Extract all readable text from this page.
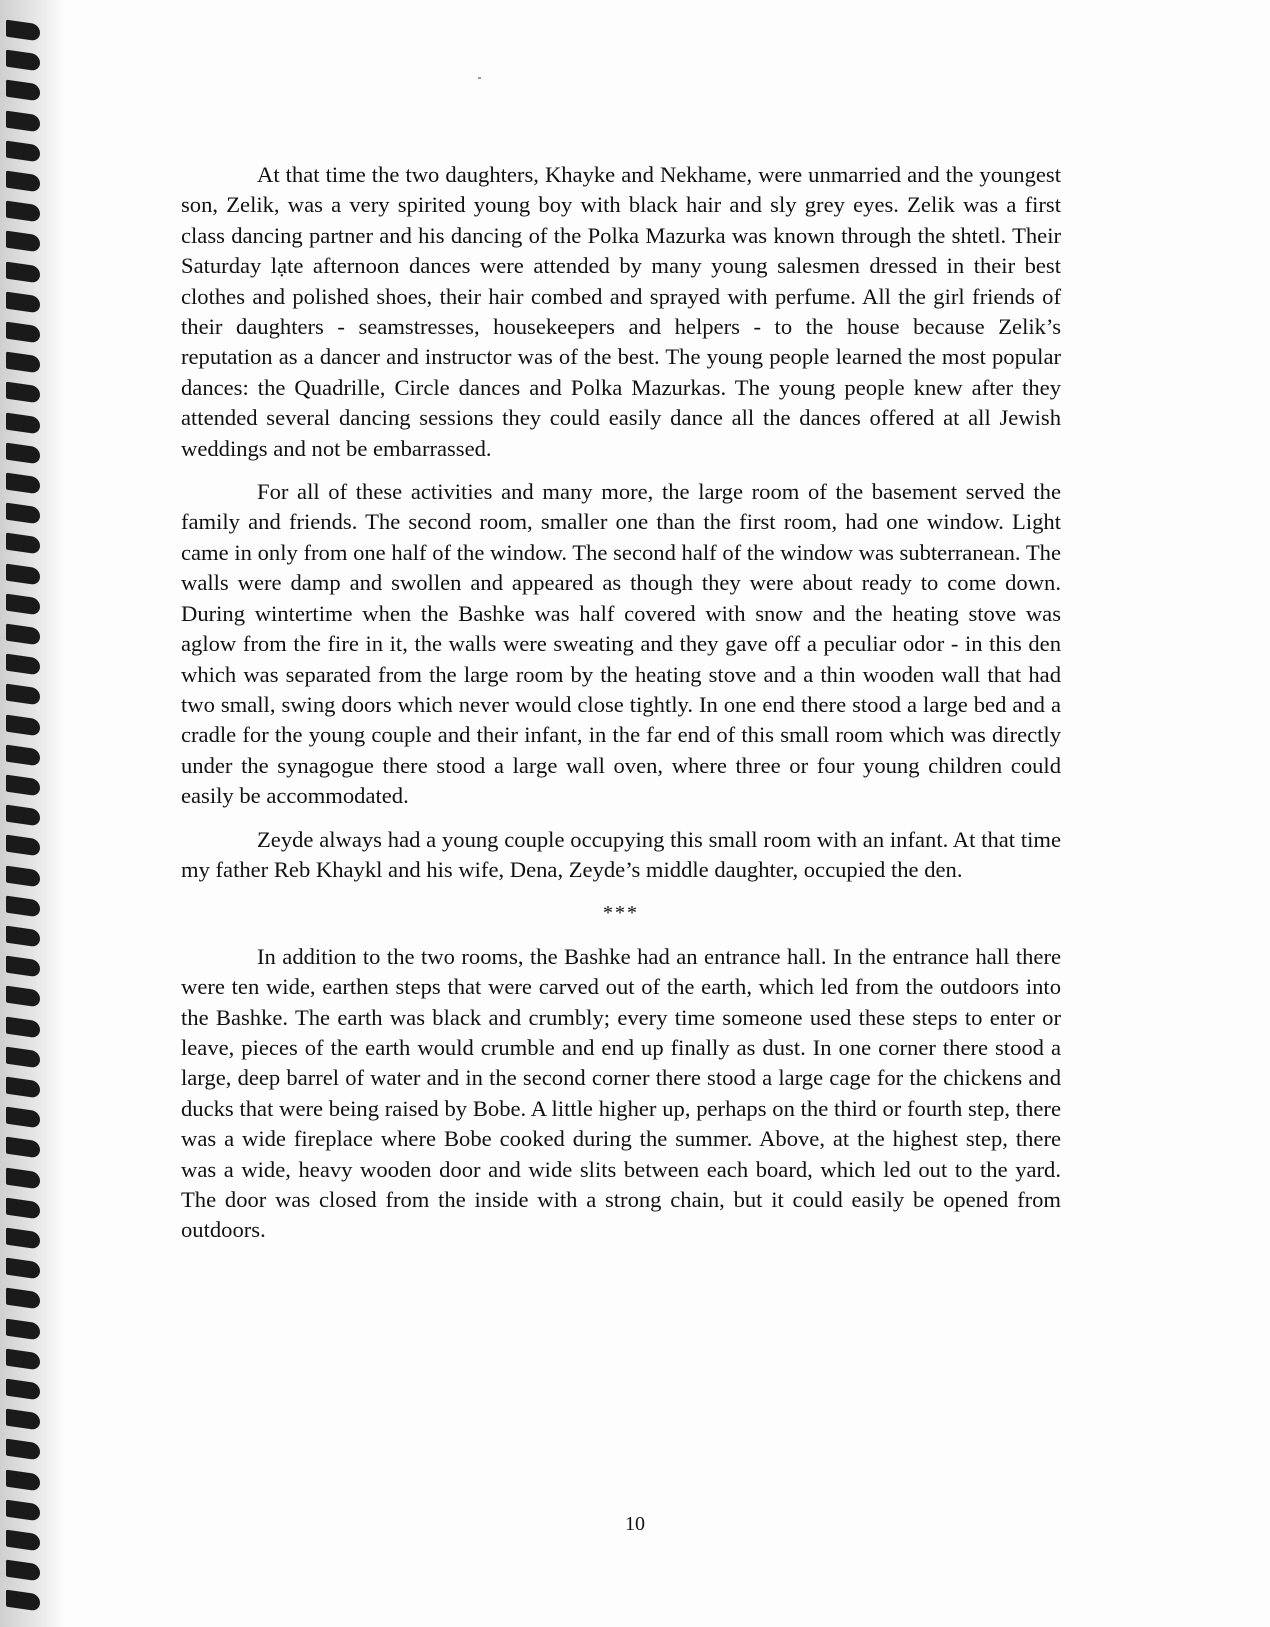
At that time the two daughters, Khayke and Nekhame, were unmarried and the youngest son, Zelik, was a very spirited young boy with black hair and sly grey eyes. Zelik was a first class dancing partner and his dancing of the Polka Mazurka was known through the shtetl. Their Saturday lạte afternoon dances were attended by many young salesmen dressed in their best clothes and polished shoes, their hair combed and sprayed with perfume. All the girl friends of their daughters - seamstresses, housekeepers and helpers - to the house because Zelik’s reputation as a dancer and instructor was of the best. The young people learned the most popular dances: the Quadrille, Circle dances and Polka Mazurkas. The young people knew after they attended several dancing sessions they could easily dance all the dances offered at all Jewish weddings and not be embarrassed.

For all of these activities and many more, the large room of the basement served the family and friends. The second room, smaller one than the first room, had one window. Light came in only from one half of the window. The second half of the window was subterranean. The walls were damp and swollen and appeared as though they were about ready to come down. During wintertime when the Bashke was half covered with snow and the heating stove was aglow from the fire in it, the walls were sweating and they gave off a peculiar odor - in this den which was separated from the large room by the heating stove and a thin wooden wall that had two small, swing doors which never would close tightly. In one end there stood a large bed and a cradle for the young couple and their infant, in the far end of this small room which was directly under the synagogue there stood a large wall oven, where three or four young children could easily be accommodated.

Zeyde always had a young couple occupying this small room with an infant. At that time my father Reb Khaykl and his wife, Dena, Zeyde’s middle daughter, occupied the den.

***

In addition to the two rooms, the Bashke had an entrance hall. In the entrance hall there were ten wide, earthen steps that were carved out of the earth, which led from the outdoors into the Bashke. The earth was black and crumbly; every time someone used these steps to enter or leave, pieces of the earth would crumble and end up finally as dust. In one corner there stood a large, deep barrel of water and in the second corner there stood a large cage for the chickens and ducks that were being raised by Bobe. A little higher up, perhaps on the third or fourth step, there was a wide fireplace where Bobe cooked during the summer. Above, at the highest step, there was a wide, heavy wooden door and wide slits between each board, which led out to the yard. The door was closed from the inside with a strong chain, but it could easily be opened from outdoors.

10
